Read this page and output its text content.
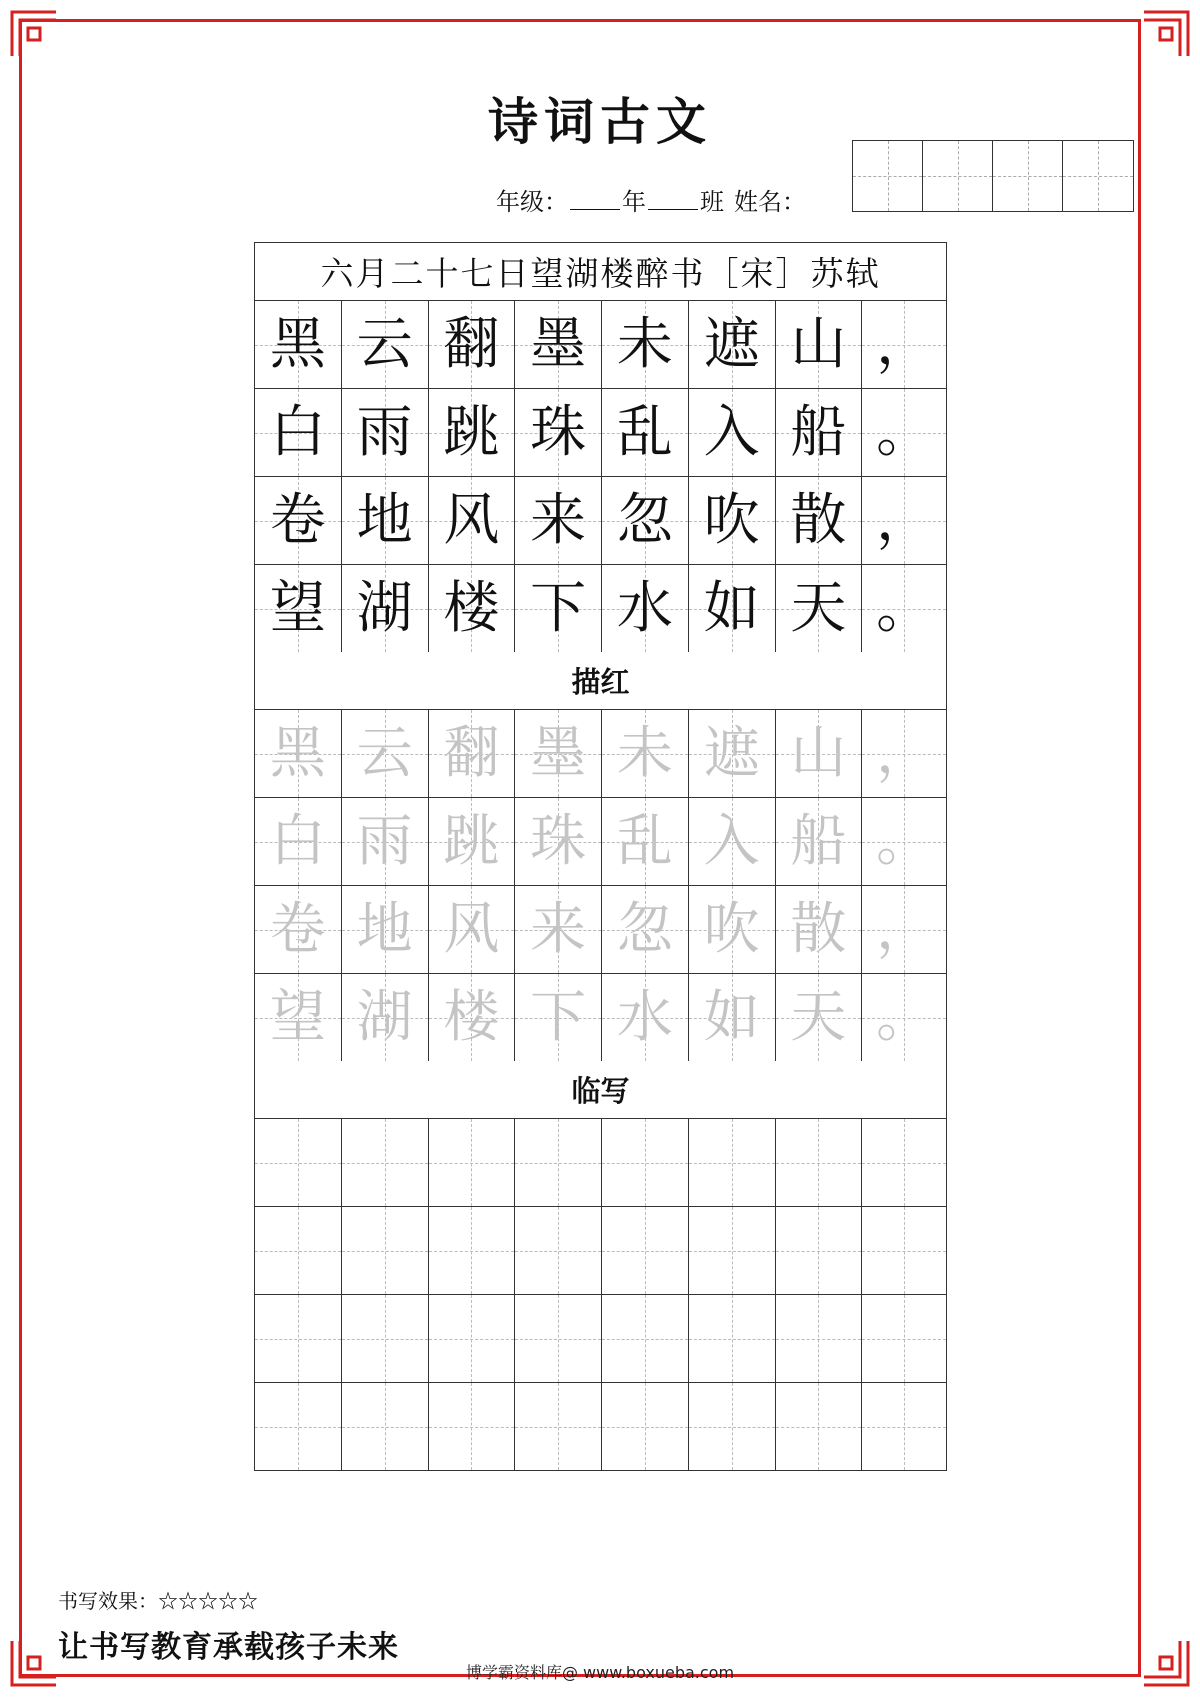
诗词古文
年级： 年 班 姓名：
六月二十七日望湖楼醉书［宋］苏轼
黑 云 翻 墨 未 遮 山 ，
白 雨 跳 珠 乱 入 船 。
卷 地 风 来 忽 吹 散 ，
望 湖 楼 下 水 如 天 。
描红
黑 云 翻 墨 未 遮 山 ，
白 雨 跳 珠 乱 入 船 。
卷 地 风 来 忽 吹 散 ，
望 湖 楼 下 水 如 天 。
临写
书写效果：☆☆☆☆☆
让书写教育承载孩子未来
博学霸资料库@ www.boxueba.com
